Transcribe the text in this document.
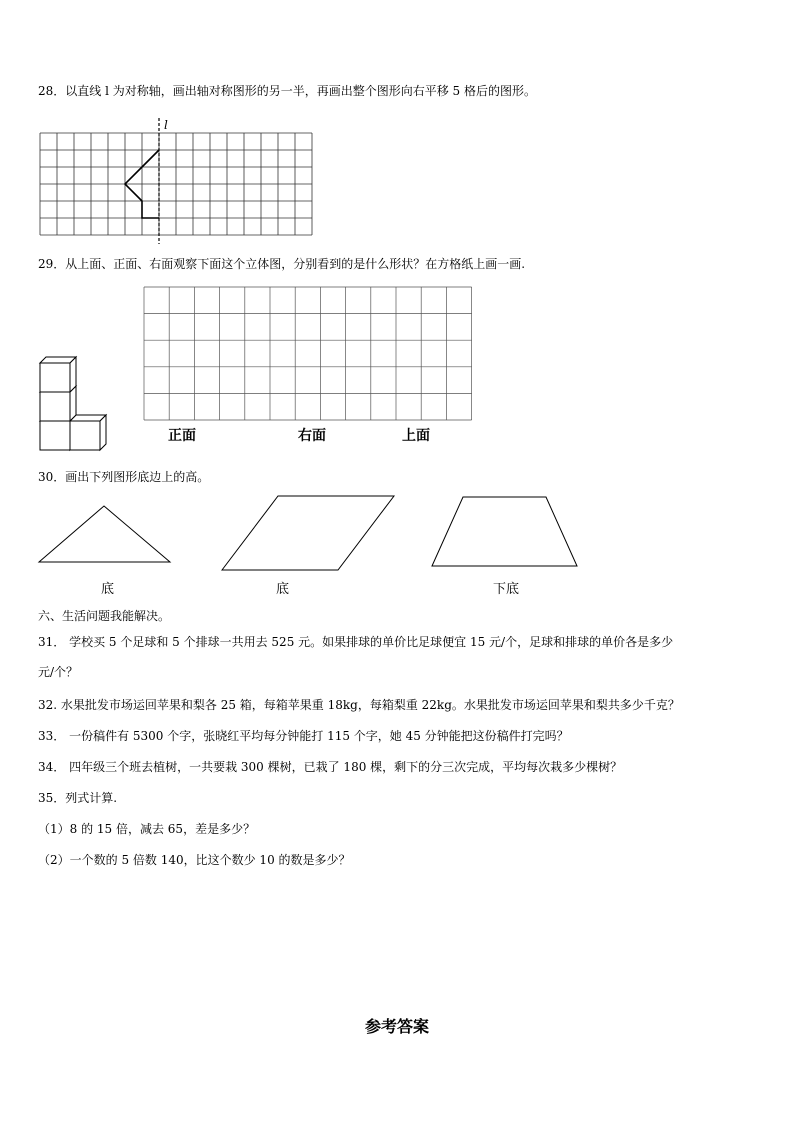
28．以直线 l 为对称轴，画出轴对称图形的另一半，再画出整个图形向右平移 5 格后的图形。
l
29．从上面、正面、右面观察下面这个立体图，分别看到的是什么形状？在方格纸上画一画.
正面	右面	上面
30．画出下列图形底边上的高。
底	底	下底
六、生活问题我能解决。
31． 学校买 5 个足球和 5 个排球一共用去 525 元。如果排球的单价比足球便宜 15 元/个，足球和排球的单价各是多少
元/个？
32. 水果批发市场运回苹果和梨各 25 箱，每箱苹果重 18kg，每箱梨重 22kg。水果批发市场运回苹果和梨共多少千克？
33． 一份稿件有 5300 个字，张晓红平均每分钟能打 115 个字，她 45 分钟能把这份稿件打完吗？
34． 四年级三个班去植树，一共要栽 300 棵树，已栽了 180 棵，剩下的分三次完成，平均每次栽多少棵树？
35．列式计算.
（1）8 的 15 倍，减去 65，差是多少？
（2）一个数的 5 倍数 140，比这个数少 10 的数是多少？
参考答案
